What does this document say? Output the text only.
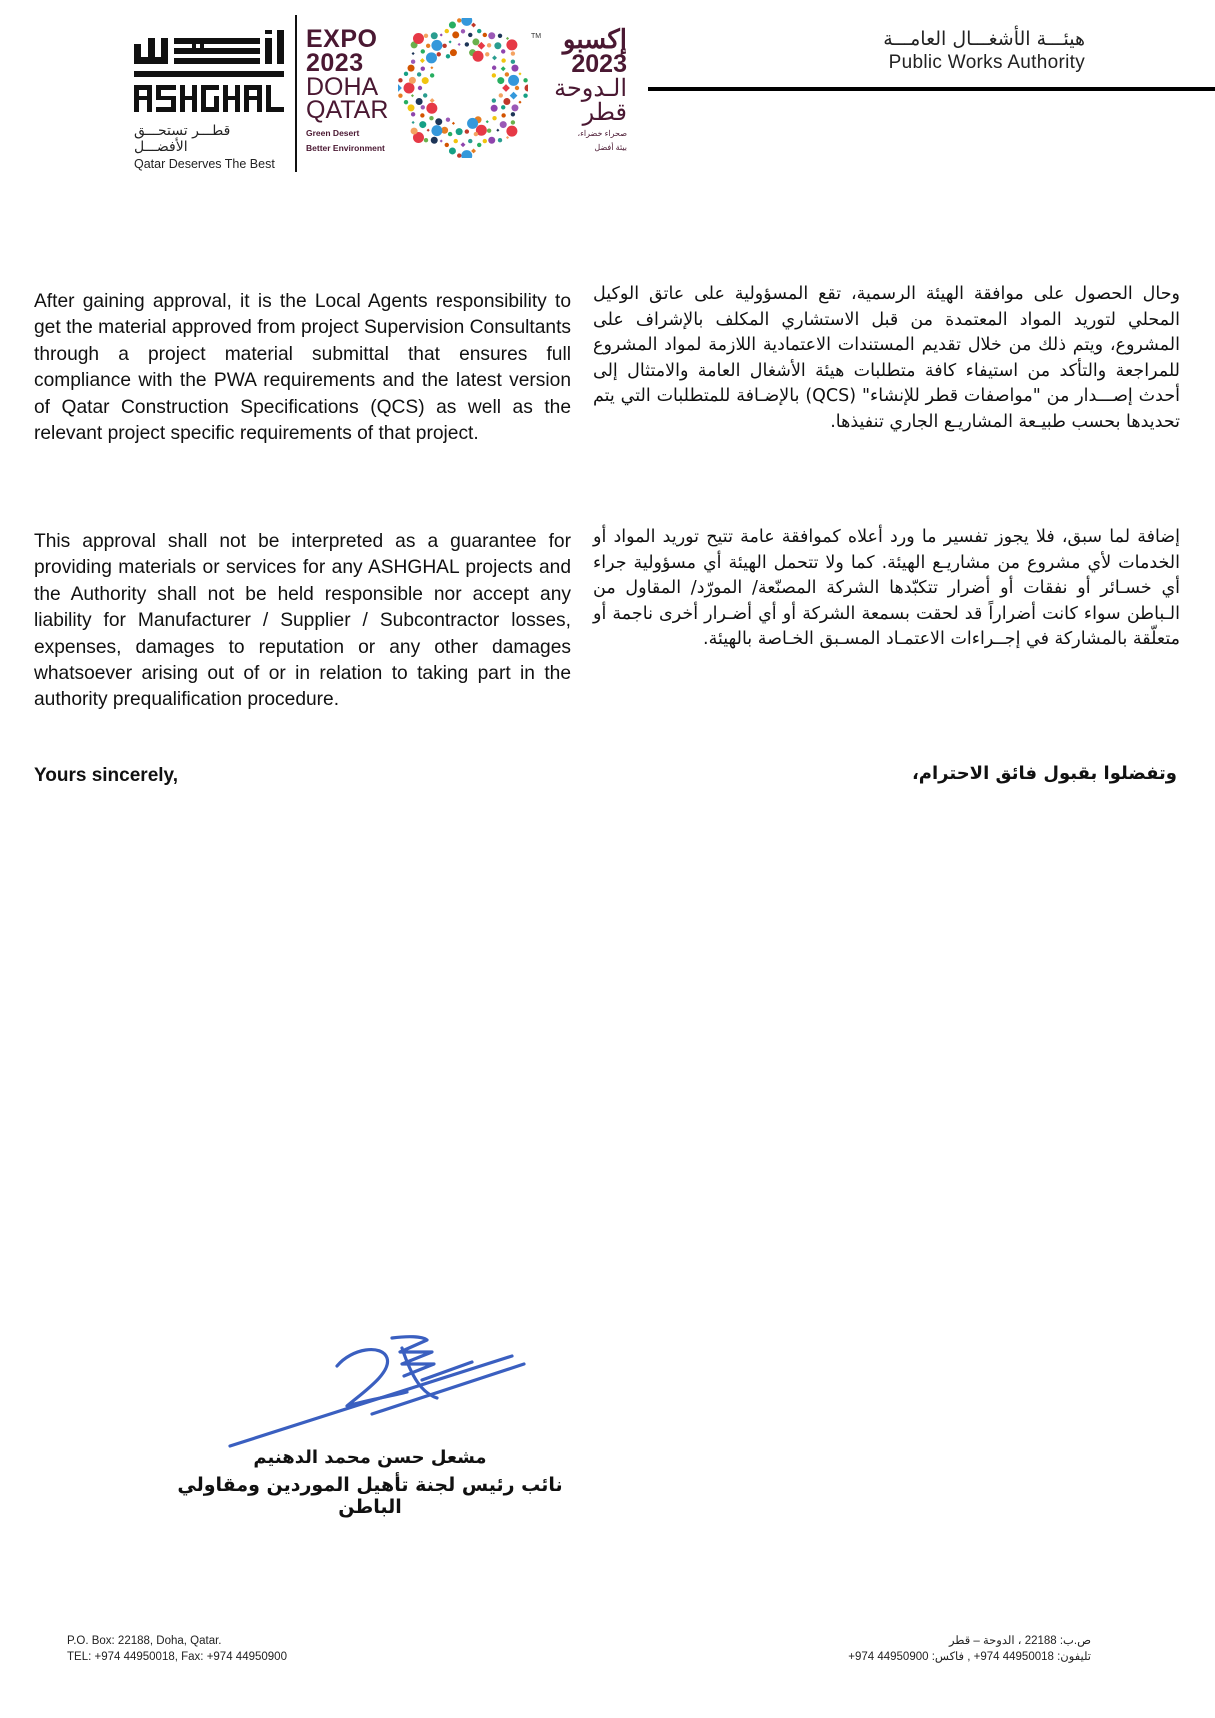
قطـــر تستحـــق الأفضـــل
Qatar Deserves The Best
EXPO
2023
DOHA
QATAR
Green Desert
Better Environment
TM إكسبو
2023
الـدوحة
قطر
صحراء خضراء،
بيئة أفضل
هيئـــة الأشغـــال العامـــة
Public Works Authority

After gaining approval, it is the Local Agents responsibility to get the material approved from project Supervision Consultants through a project material submittal that ensures full compliance with the PWA requirements and the latest version of Qatar Construction Specifications (QCS) as well as the relevant project specific requirements of that project.

This approval shall not be interpreted as a guarantee for providing materials or services for any ASHGHAL projects and the Authority shall not be held responsible nor accept any liability for Manufacturer / Supplier / Subcontractor losses, expenses, damages to reputation or any other damages whatsoever arising out of or in relation to taking part in the authority prequalification procedure.

Yours sincerely,

وحال الحصول على موافقة الهيئة الرسمية، تقع المسؤولية على عاتق الوكيل المحلي لتوريد المواد المعتمدة من قبل الاستشاري المكلف بالإشراف على المشروع، ويتم ذلك من خلال تقديم المستندات الاعتمادية اللازمة لمواد المشروع للمراجعة والتأكد من استيفاء كافة متطلبات هيئة الأشغال العامة والامتثال إلى أحدث إصـــدار من "مواصفات قطر للإنشاء" (QCS) بالإضـافة للمتطلبات التي يتم تحديدها بحسب طبيـعة المشاريـع الجاري تنفيذها.

إضافة لما سبق، فلا يجوز تفسير ما ورد أعلاه كموافقة عامة تتيح توريد المواد أو الخدمات لأي مشروع من مشاريـع الهيئة. كما ولا تتحمل الهيئة أي مسؤولية جراء أي خسـائر أو نفقات أو أضرار تتكبّدها الشركة المصنّعة/ المورّد/ المقاول من الـباطن سواء كانت أضراراً قد لحقت بسمعة الشركة أو أي أضـرار أخرى ناجمة أو متعلّقة بالمشاركة في إجــراءات الاعتمـاد المسـبق الخـاصة بالهيئة.

وتفضلوا بقبول فائق الاحترام،
مشعل حسن محمد الدهنيم
نائب رئيس لجنة تأهيل الموردين ومقاولي الباطن
P.O. Box: 22188, Doha, Qatar.
TEL: +974 44950018, Fax: +974 44950900
ص.ب: 22188 ، الدوحة – قطر
تليفون: 44950018 974+ , فاكس: 44950900 974+
